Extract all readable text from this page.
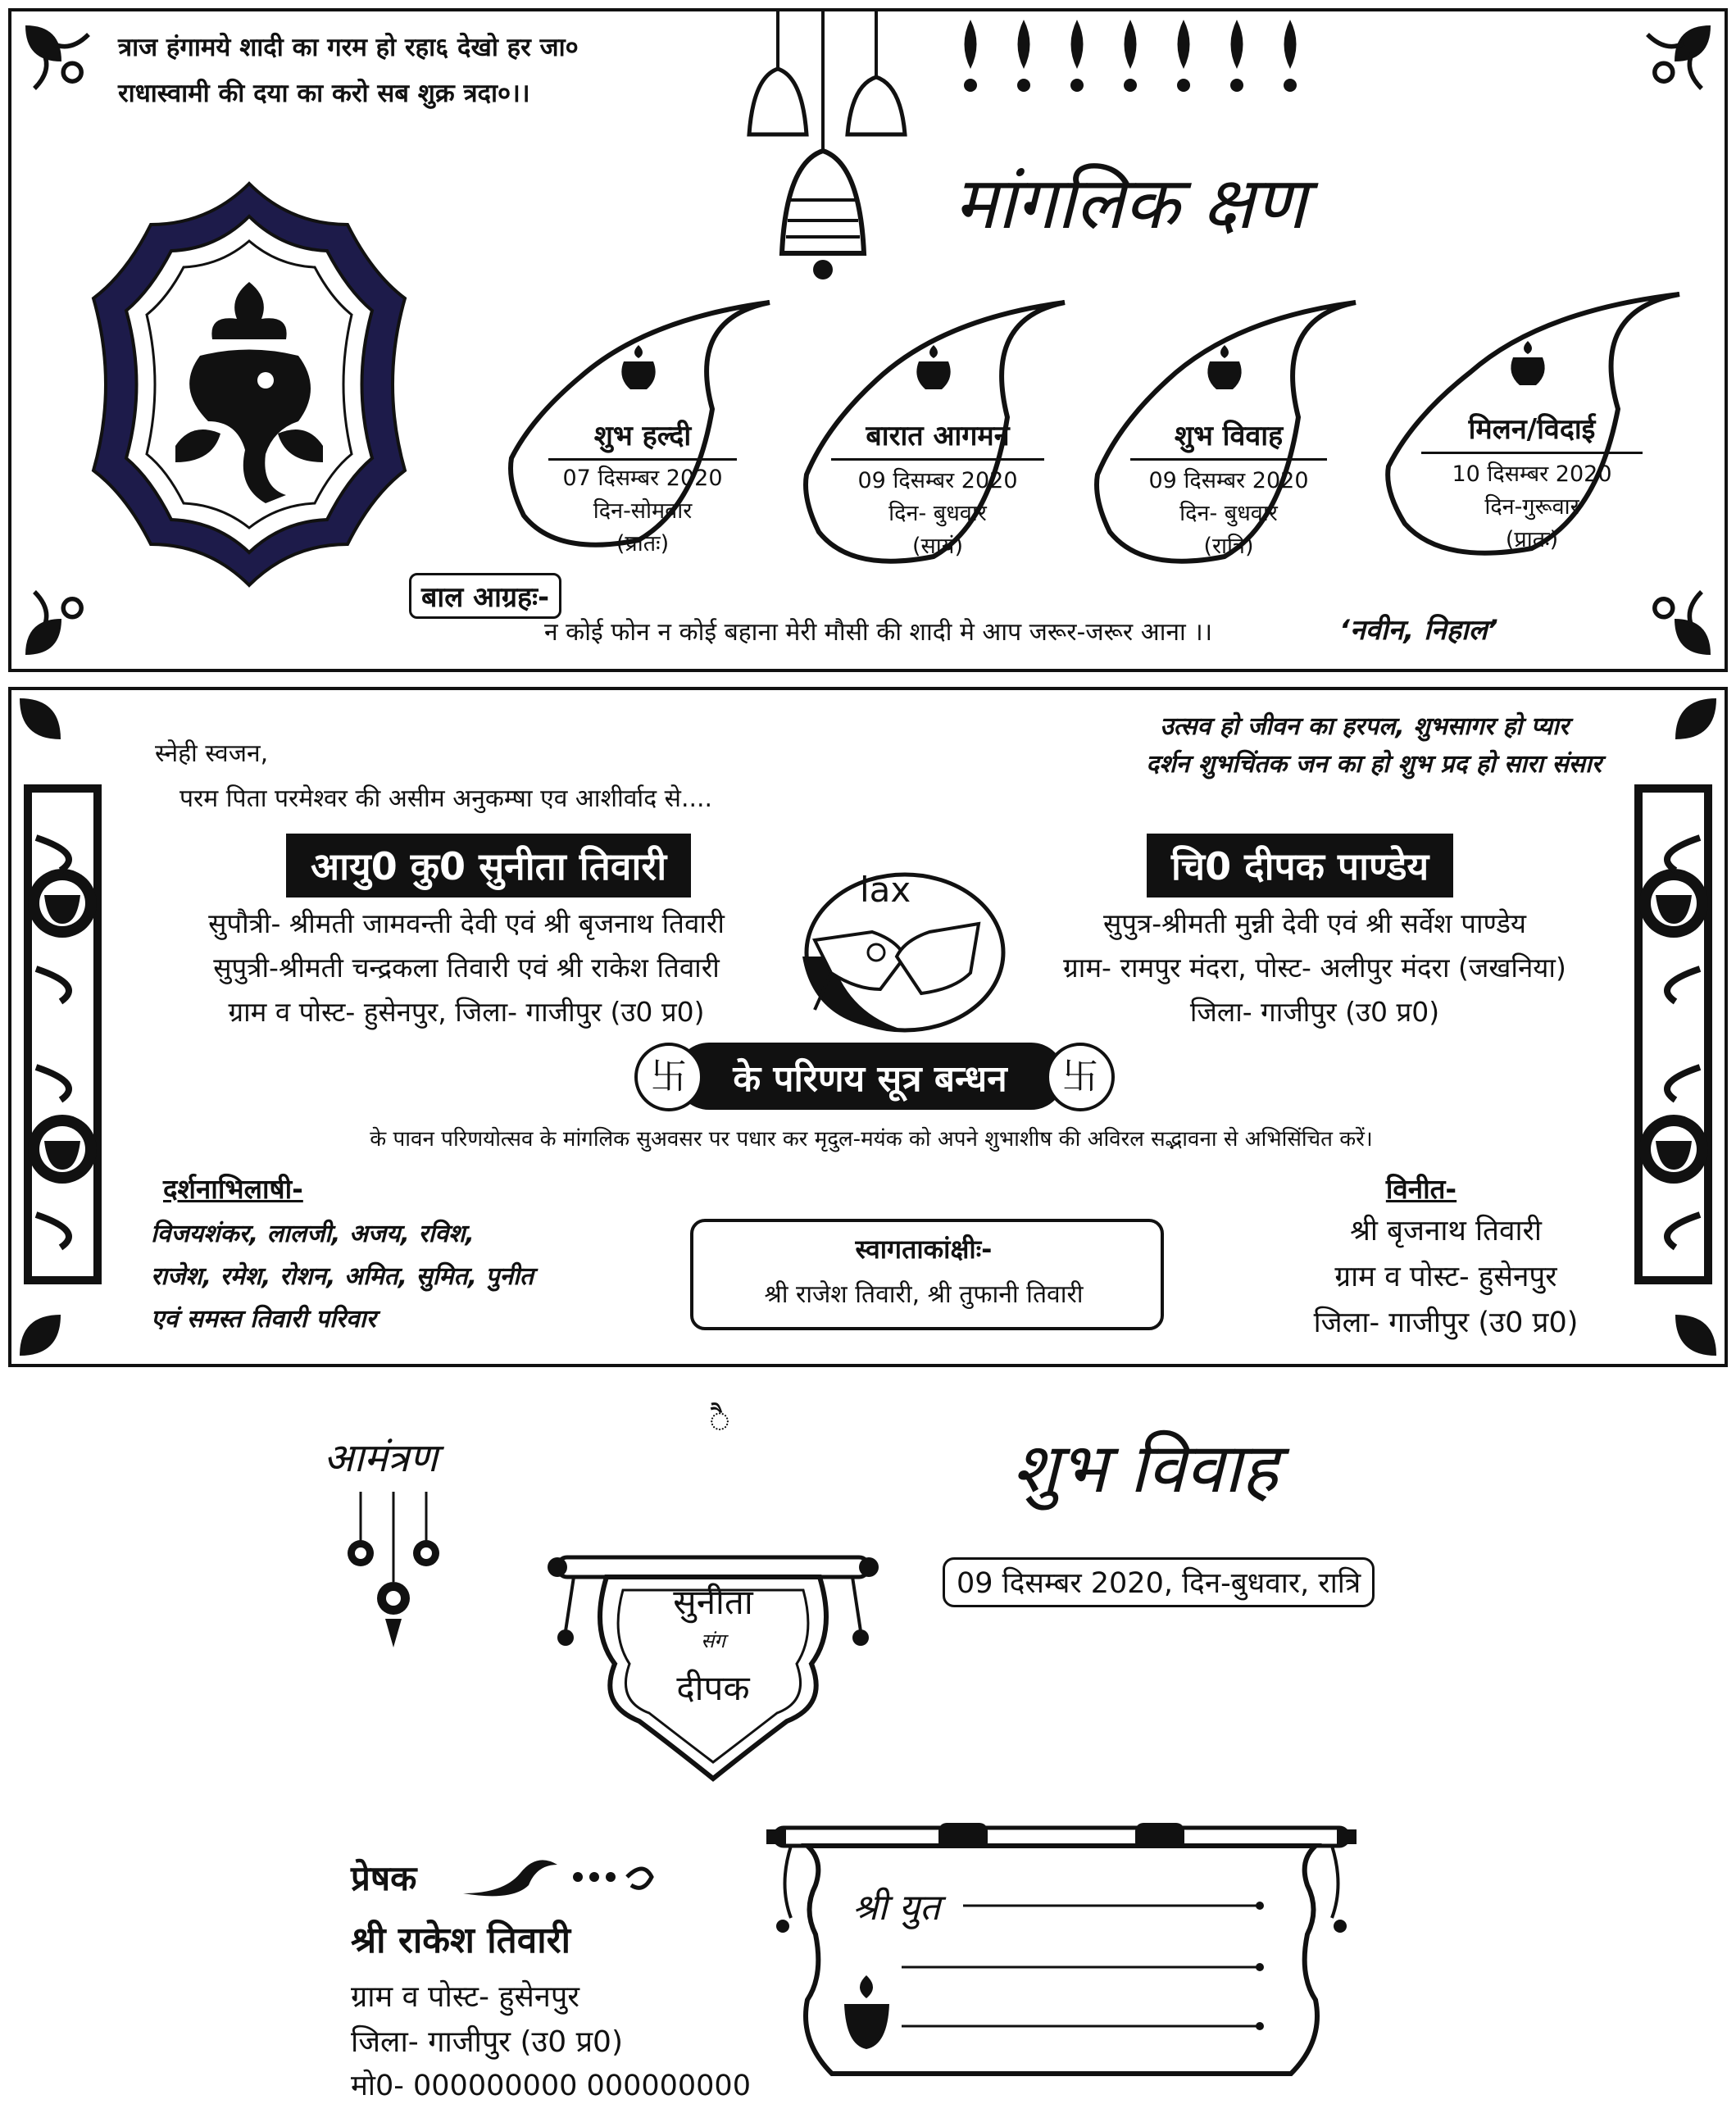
त्राज हंगामये शादी का गरम हो रहा६ देखो हर जा०
राधास्वामी की दया का करो सब शुक्र त्रदा०।।
मांगलिक क्षण
शुभ हल्दी
07 दिसम्बर 2020
दिन-सोमवार
(प्रातः)
बारात आगमन
09 दिसम्बर 2020
दिन- बुधवार
(सायं)
शुभ विवाह
09 दिसम्बर 2020
दिन- बुधवार
(रात्रि)
मिलन/विदाई
10 दिसम्बर 2020
दिन-गुरूवार
(प्रातः)
बाल आग्रहः-
न कोई फोन न कोई बहाना मेरी मौसी की शादी मे आप जरूर-जरूर आना ।।	‘नवीन, निहाल’
स्नेही स्वजन,
परम पिता परमेश्वर की असीम अनुकम्षा एव आशीर्वाद से....
उत्सव हो जीवन का हरपल, शुभसागर हो प्यार
दर्शन शुभचिंतक जन का हो शुभ प्रद हो सारा संसार
आयु0 कु0 सुनीता तिवारी
सुपौत्री- श्रीमती जामवन्ती देवी एवं श्री बृजनाथ तिवारी
सुपुत्री-श्रीमती चन्द्रकला तिवारी एवं श्री राकेश तिवारी
ग्राम व पोस्ट- हुसेनपुर, जिला- गाजीपुर (उ0 प्र0)
चि0 दीपक पाण्डेय
सुपुत्र-श्रीमती मुन्नी देवी एवं श्री सर्वेश पाण्डेय
ग्राम- रामपुर मंदरा, पोस्ट- अलीपुर मंदरा (जखनिया)
जिला- गाजीपुर (उ0 प्र0)
lax
के परिणय सूत्र बन्धन
卐	卐
के पावन परिणयोत्सव के मांगलिक सुअवसर पर पधार कर मृदुल-मयंक को अपने शुभाशीष की अविरल सद्भावना से अभिसिंचित करें।
दर्शनाभिलाषी-
विजयशंकर, लालजी, अजय, रविश,
राजेश, रमेश, रोशन, अमित, सुमित, पुनीत
एवं समस्त तिवारी परिवार
स्वागताकांक्षीः-
श्री राजेश तिवारी, श्री तुफानी तिवारी
विनीत-
श्री बृजनाथ तिवारी
ग्राम व पोस्ट- हुसेनपुर
जिला- गाजीपुर (उ0 प्र0)
ै
आमंत्रण
सुनीता
संग
दीपक
शुभ विवाह
09 दिसम्बर 2020, दिन-बुधवार, रात्रि
प्रेषक
श्री राकेश तिवारी
ग्राम व पोस्ट- हुसेनपुर
जिला- गाजीपुर (उ0 प्र0)
मो0- 000000000 000000000
श्री युत
